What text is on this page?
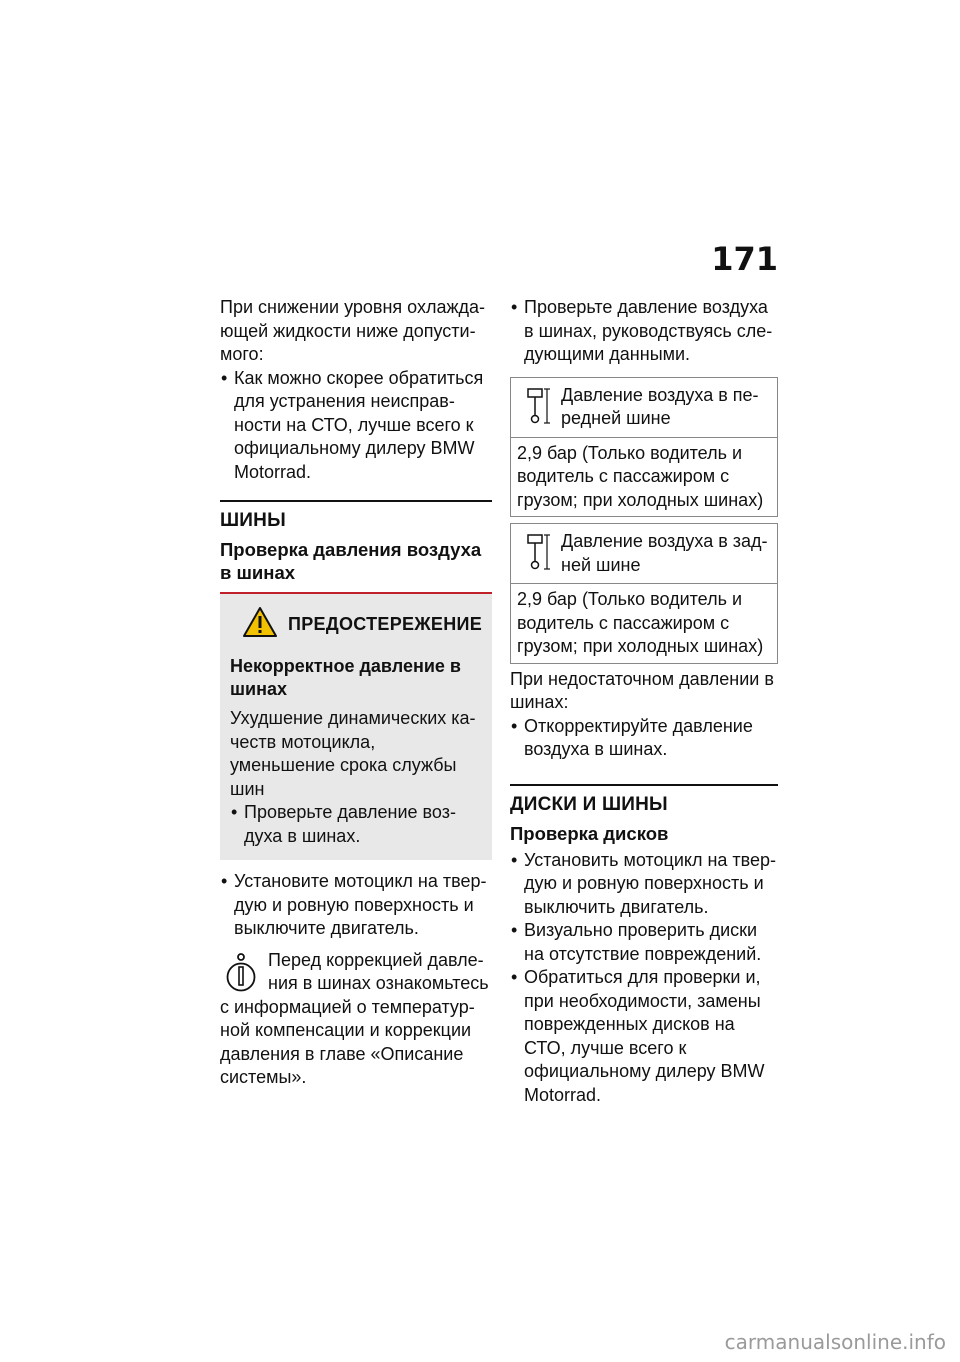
171

При снижении уровня охлажда-ющей жидкости ниже допусти-мого:

• Как можно скорее обратиться для устранения неисправ-ности на СТО, лучше всего к официальному дилеру BMW Motorrad.
ШИНЫ
Проверка давления воздуха в шинах
ПРЕДОСТЕРЕЖЕНИЕ
Некорректное давление в шинах

Ухудшение динамических ка-честв мотоцикла, уменьшение срока службы шин

• Проверьте давление воз-духа в шинах.
• Установите мотоцикл на твер-дую и ровную поверхность и выключите двигатель.

Перед коррекцией давле-ния в шинах ознакомьтесь

с информацией о температур-ной компенсации и коррекции давления в главе «Описание системы».

• Проверьте давление воздуха в шинах, руководствуясь сле-дующими данными.
Давление воздуха в пе-редней шине
2,9 бар (Только водитель и водитель с пассажиром с грузом; при холодных шинах)
Давление воздуха в зад-ней шине
2,9 бар (Только водитель и водитель с пассажиром с грузом; при холодных шинах)

При недостаточном давлении в шинах:

• Откорректируйте давление воздуха в шинах.
ДИСКИ И ШИНЫ
Проверка дисков
• Установить мотоцикл на твер-дую и ровную поверхность и выключить двигатель.
• Визуально проверить диски на отсутствие повреждений.
• Обратиться для проверки и, при необходимости, замены поврежденных дисков на СТО, лучше всего к официальному дилеру BMW Motorrad.
carmanualsonline.info
